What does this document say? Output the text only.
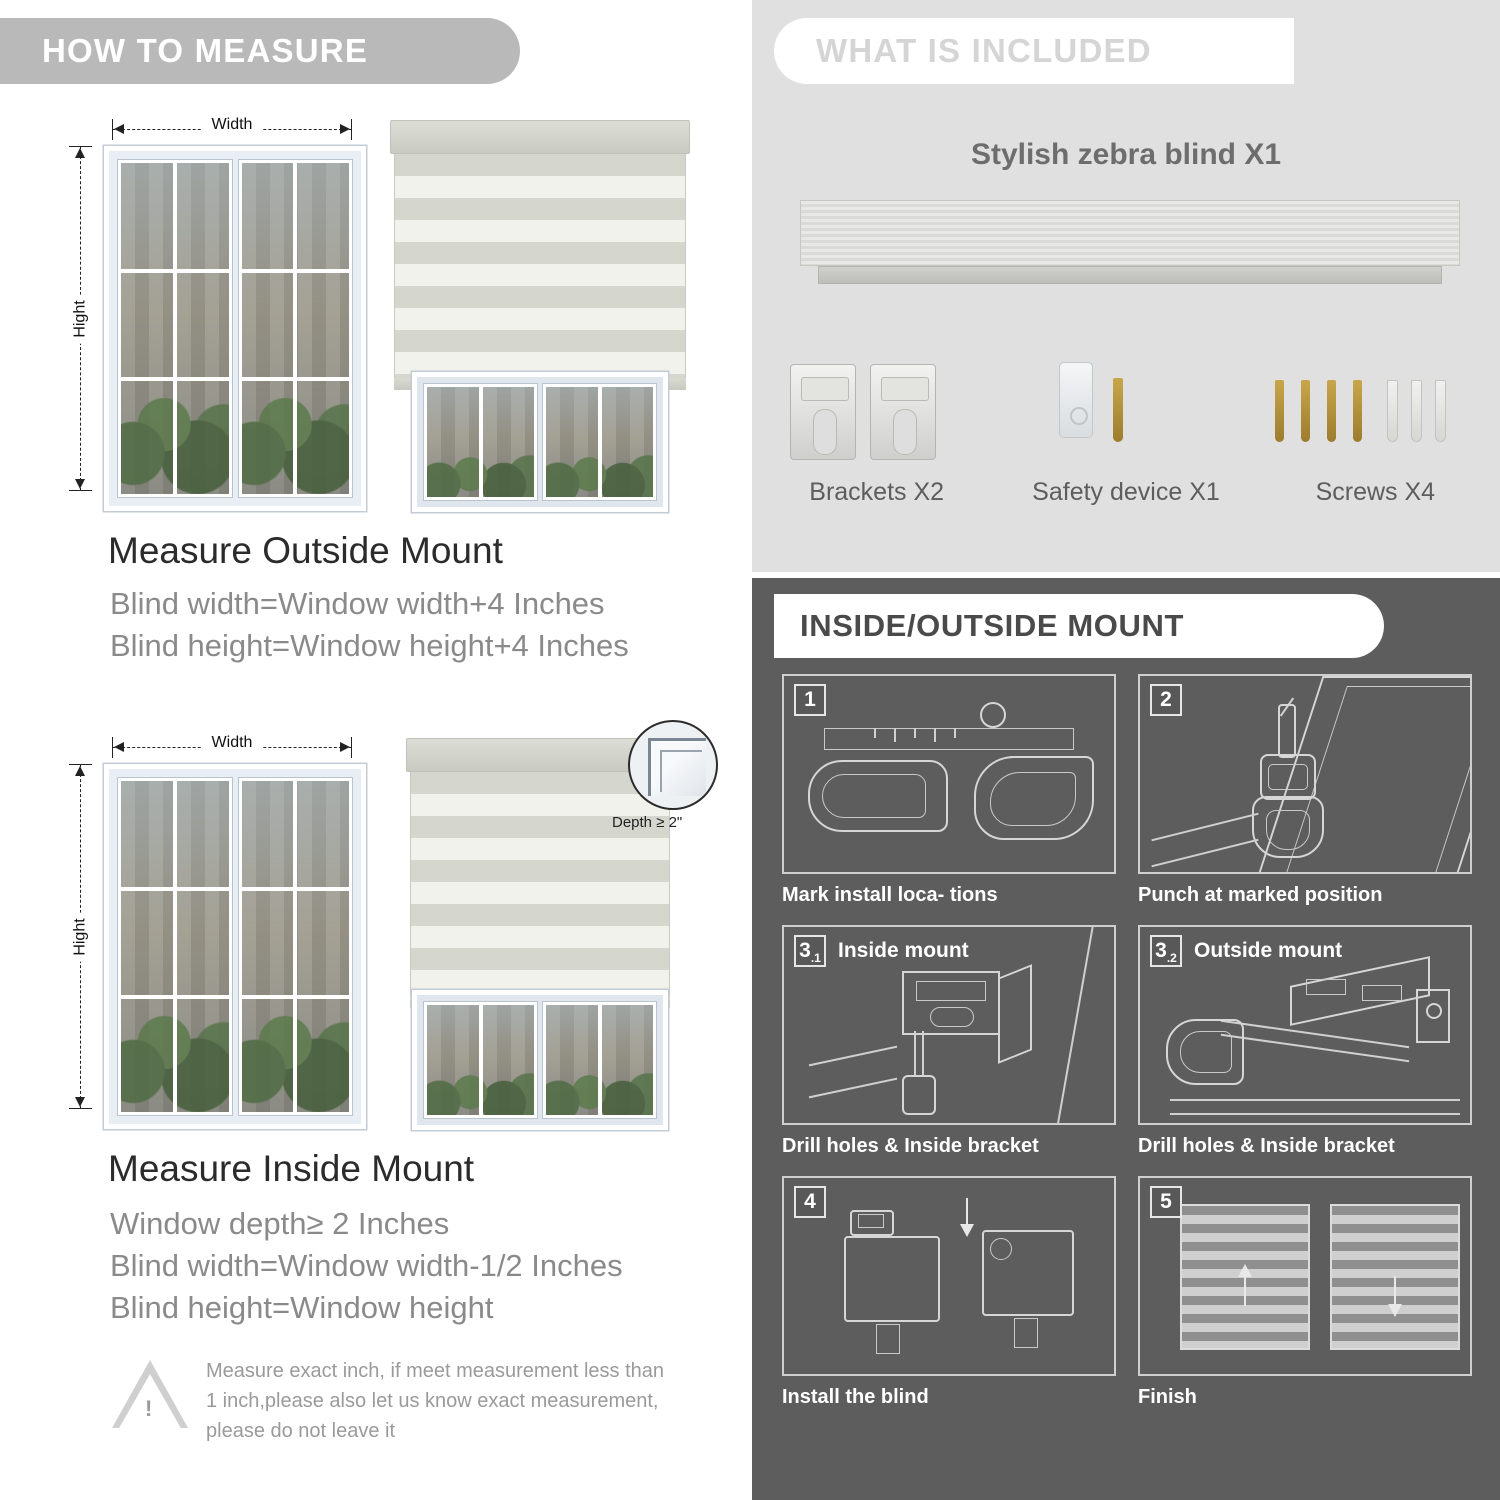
HOW TO MEASURE
Width
Hight
Measure Outside Mount
Blind width=Window width+4 Inches
Blind height=Window height+4 Inches
Width
Hight
Depth ≥ 2"
Measure Inside Mount
Window depth≥ 2 Inches
Blind width=Window width-1/2 Inches
Blind height=Window height
!

Measure exact inch, if meet measurement less than 1 inch,please also let us know exact measurement, please do not leave it

WHAT IS INCLUDED
Stylish zebra blind X1
Brackets X2	Safety device X1	Screws X4
INSIDE/OUTSIDE MOUNT
1
Mark install loca- tions
2
Punch at marked position
3 .1 Inside mount
Drill holes & Inside bracket
3 .2 Outside mount
Drill holes & Inside bracket
4
Install the blind
5
Finish
